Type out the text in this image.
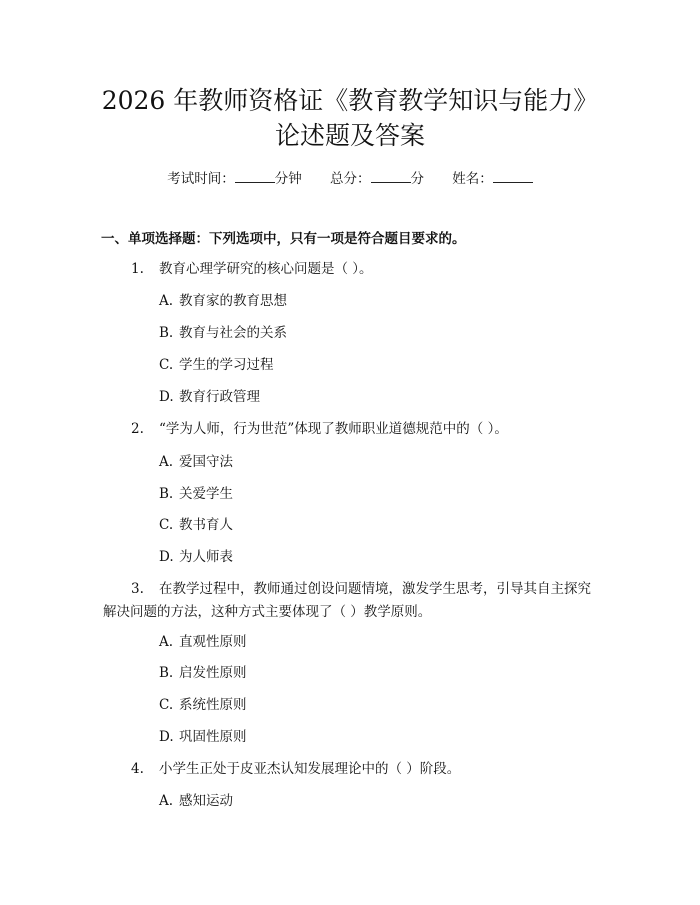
2026 年教师资格证《教育教学知识与能力》
论述题及答案
考试时间：	分钟 总分：	分 姓名：
一、单项选择题：下列选项中，只有一项是符合题目要求的。
1. 教育心理学研究的核心问题是（ ）。
A. 教育家的教育思想
B. 教育与社会的关系
C. 学生的学习过程
D. 教育行政管理
2. “学为人师，行为世范”体现了教师职业道德规范中的（ ）。
A. 爱国守法
B. 关爱学生
C. 教书育人
D. 为人师表
3. 在教学过程中，教师通过创设问题情境，激发学生思考，引导其自主探究
解决问题的方法，这种方式主要体现了（ ）教学原则。
A. 直观性原则
B. 启发性原则
C. 系统性原则
D. 巩固性原则
4. 小学生正处于皮亚杰认知发展理论中的（ ）阶段。
A. 感知运动
